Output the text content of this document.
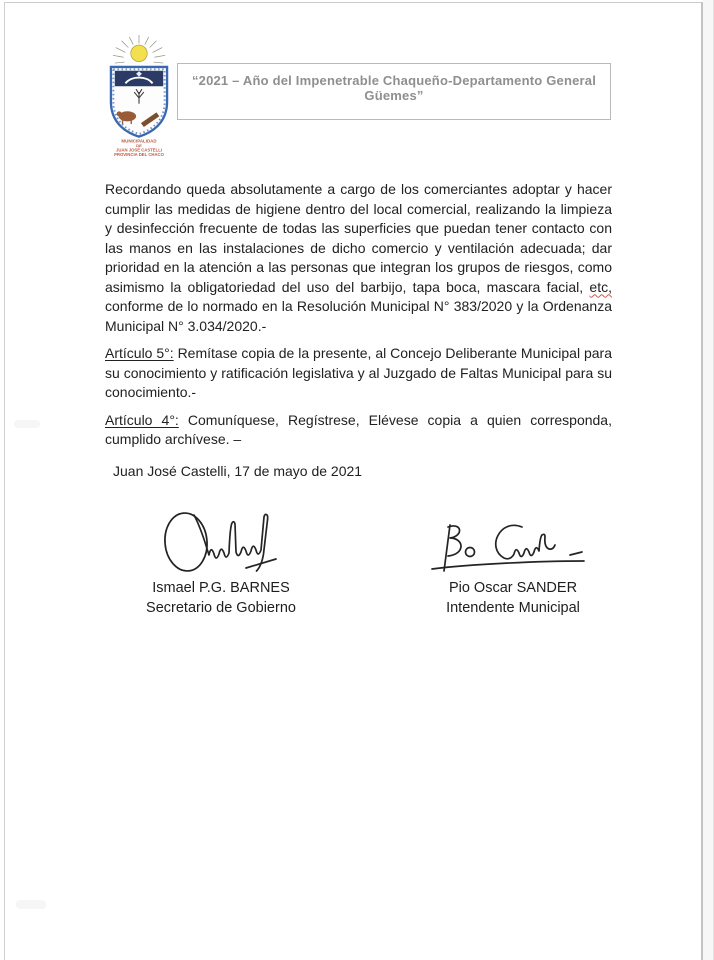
MUNICIPALIDAD
DE
JUAN JOSÉ CASTELLI
PROVINCIA DEL CHACO
“2021 – Año del Impenetrable Chaqueño-Departamento General Güemes”

Recordando queda absolutamente a cargo de los comerciantes adoptar y hacer cumplir las medidas de higiene dentro del local comercial, realizando la limpieza y desinfección frecuente de todas las superficies que puedan tener contacto con las manos en las instalaciones de dicho comercio y ventilación adecuada; dar prioridad en la atención a las personas que integran los grupos de riesgos, como asimismo la obligatoriedad del uso del barbijo, tapa boca, mascara facial, etc, conforme de lo normado en la Resolución Municipal N° 383/2020 y la Ordenanza Municipal N° 3.034/2020.-

Artículo 5°: Remítase copia de la presente, al Concejo Deliberante Municipal para su conocimiento y ratificación legislativa y al Juzgado de Faltas Municipal para su conocimiento.-

Artículo 4°: Comuníquese, Regístrese, Elévese copia a quien corresponda, cumplido archívese. –

Juan José Castelli, 17 de mayo de 2021

Ismael P.G. BARNES
Secretario de Gobierno
Pio Oscar SANDER
Intendente Municipal
